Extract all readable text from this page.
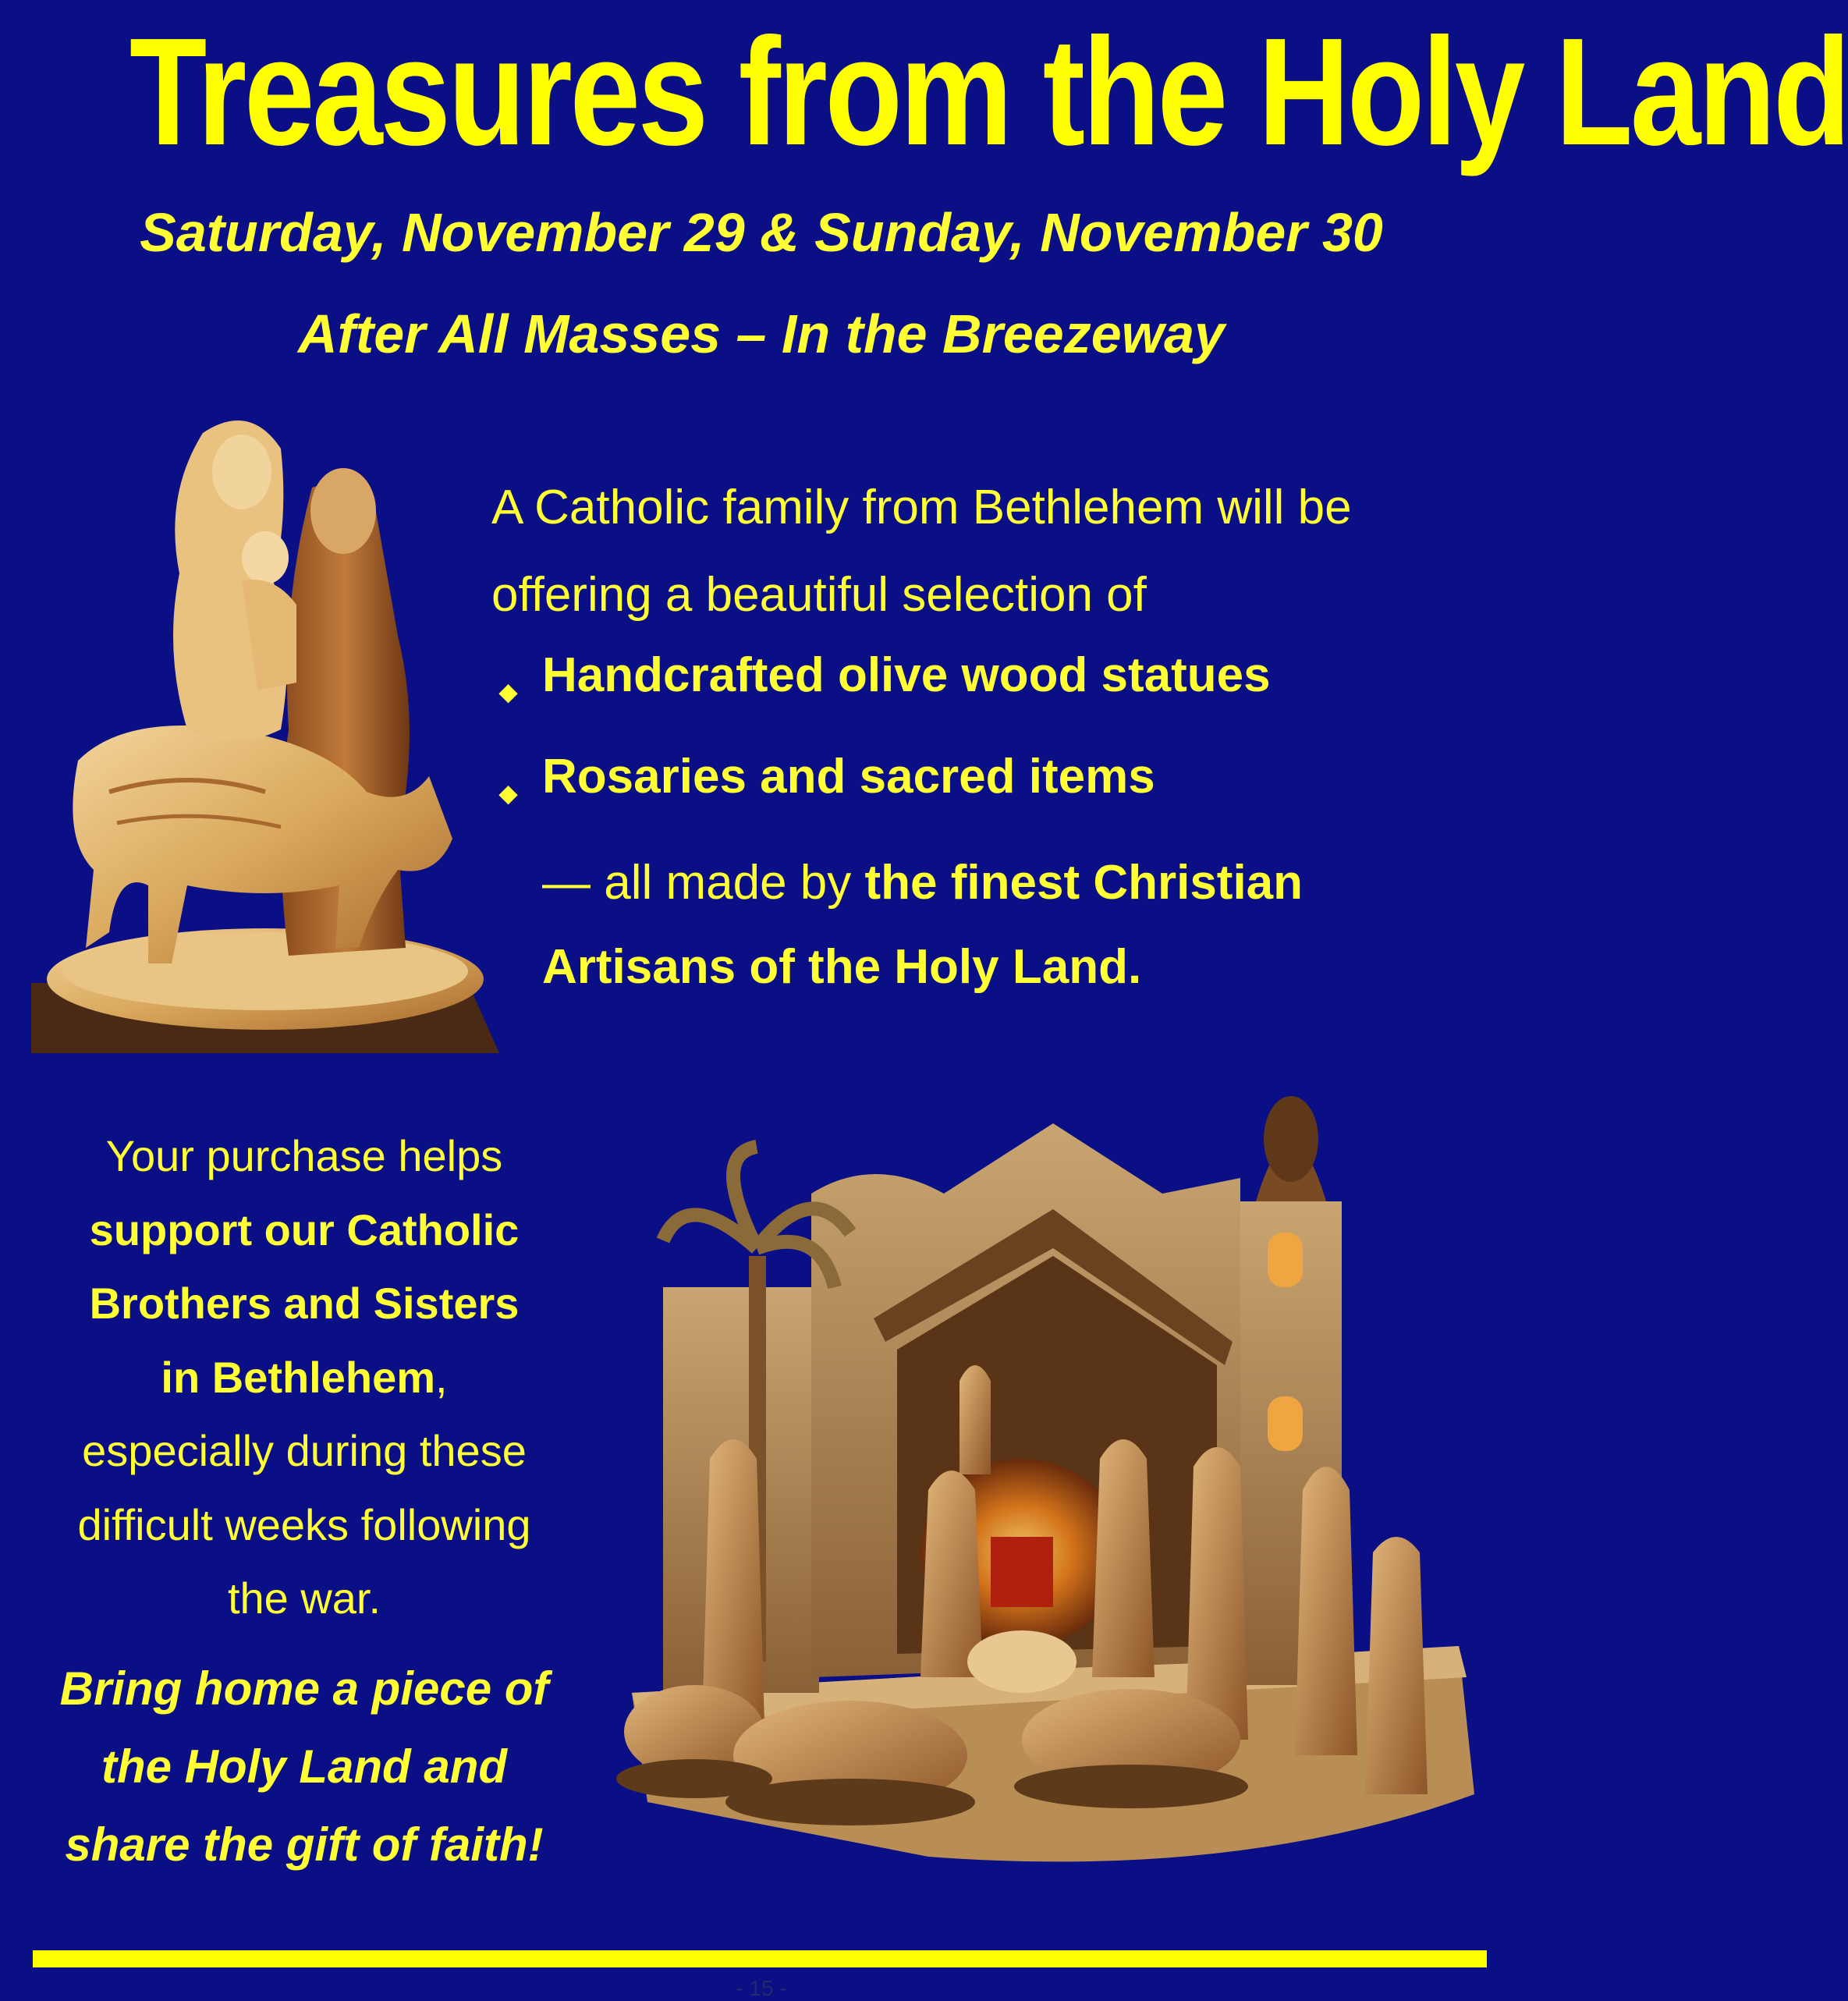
Treasures from the Holy Land
Saturday, November 29 & Sunday, November 30
After All Masses – In the Breezeway
A Catholic family from Bethlehem will be
offering a beautiful selection of
◆ Handcrafted olive wood statues
◆ Rosaries and sacred items
— all made by the finest Christian
Artisans of the Holy Land.
Your purchase helps
support our Catholic
Brothers and Sisters
in Bethlehem,
especially during these
difficult weeks following
the war.
Bring home a piece of
the Holy Land and
share the gift of faith!
- 15 -
